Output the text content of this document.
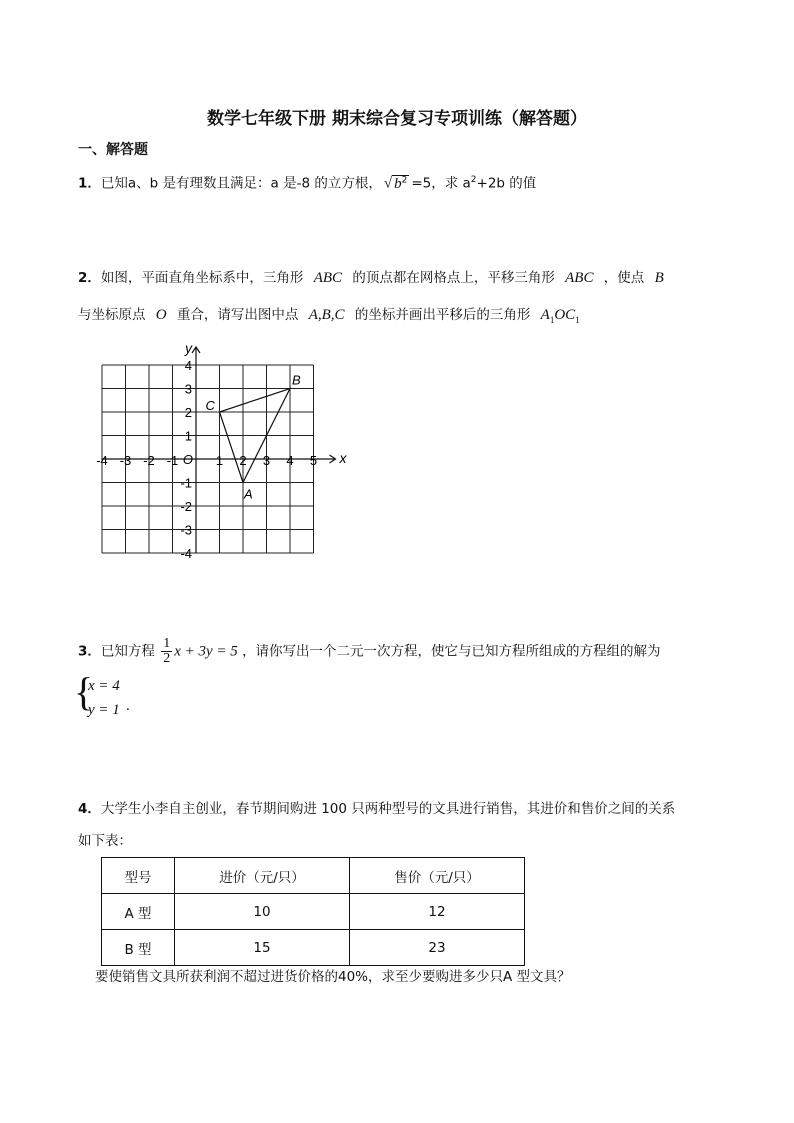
数学七年级下册 期末综合复习专项训练（解答题）
一、解答题
1．已知a、b 是有理数且满足：a 是-8 的立方根， √ $b^2 =5$，求 $a^2+2b$ 的值
2．如图，平面直角坐标系中，三角形 ABC 的顶点都在网格点上，平移三角形 ABC ，使点 B
与坐标原点 O 重合，请写出图中点 A,B,C 的坐标并画出平移后的三角形 $A_1OC_1$
x
y
-4 -3 -2 -1	1 2 3 4 5
4
3
2
1
-1
-2
-3
-4
O
A
B
C
3．已知方程 $\frac{1}{2}$ x + 3y = 5 ，请你写出一个二元一次方程，使它与已知方程所组成的方程组的解为
{
x = 4
y = 1 .
4．大学生小李自主创业，春节期间购进 100 只两种型号的文具进行销售，其进价和售价之间的关系
如下表：
型号	进价（元/只）	售价（元/只）
A 型	10	12
B 型	15	23
要使销售文具所获利润不超过进货价格的40%，求至少要购进多少只A 型文具？
